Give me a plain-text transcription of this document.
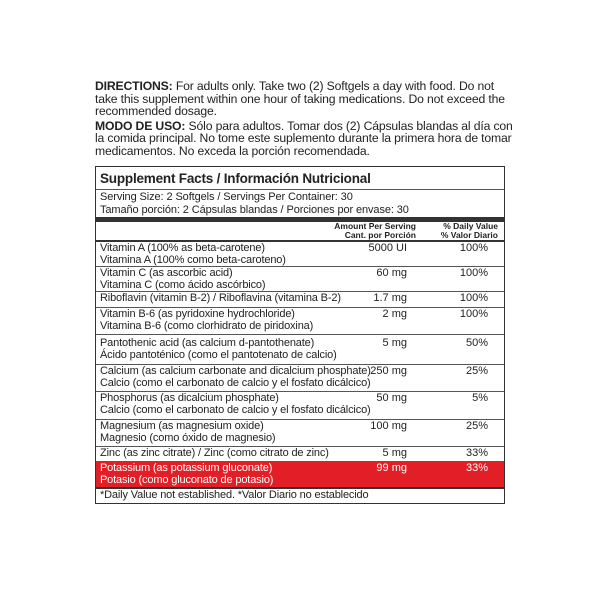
DIRECTIONS: For adults only. Take two (2) Softgels a day with food. Do not take this supplement within one hour of taking medications. Do not exceed the recommended dosage.

MODO DE USO: Sólo para adultos. Tomar dos (2) Cápsulas blandas al día con la comida principal. No tome este suplemento durante la primera hora de tomar medicamentos. No exceda la porción recomendada.

Supplement Facts / Información Nutricional
Serving Size: 2 Softgels / Servings Per Container: 30
Tamaño porción: 2 Cápsulas blandas / Porciones por envase: 30
Amount Per Serving
Cant. por Porción
% Daily Value
% Valor Diario
Vitamin A (100% as beta-carotene)
Vitamina A (100% como beta-caroteno)
5000 UI	100%
Vitamin C (as ascorbic acid)
Vitamina C (como ácido ascórbico)
60 mg	100%
Riboflavin (vitamin B-2) / Riboflavina (vitamina B-2)	1.7 mg	100%
Vitamin B-6 (as pyridoxine hydrochloride)
Vitamina B-6 (como clorhidrato de piridoxina)
2 mg	100%
Pantothenic acid (as calcium d-pantothenate)
Ácido pantoténico (como el pantotenato de calcio)
5 mg	50%
Calcium (as calcium carbonate and dicalcium phosphate)
Calcio (como el carbonato de calcio y el fosfato dicálcico)
250 mg	25%
Phosphorus (as dicalcium phosphate)
Calcio (como el carbonato de calcio y el fosfato dicálcico)
50 mg	5%
Magnesium (as magnesium oxide)
Magnesio (como óxido de magnesio)
100 mg	25%
Zinc (as zinc citrate) / Zinc (como citrato de zinc)	5 mg	33%
Potassium (as potassium gluconate)
Potasio (como gluconato de potasio)
99 mg	33%
*Daily Value not established. *Valor Diario no establecido
